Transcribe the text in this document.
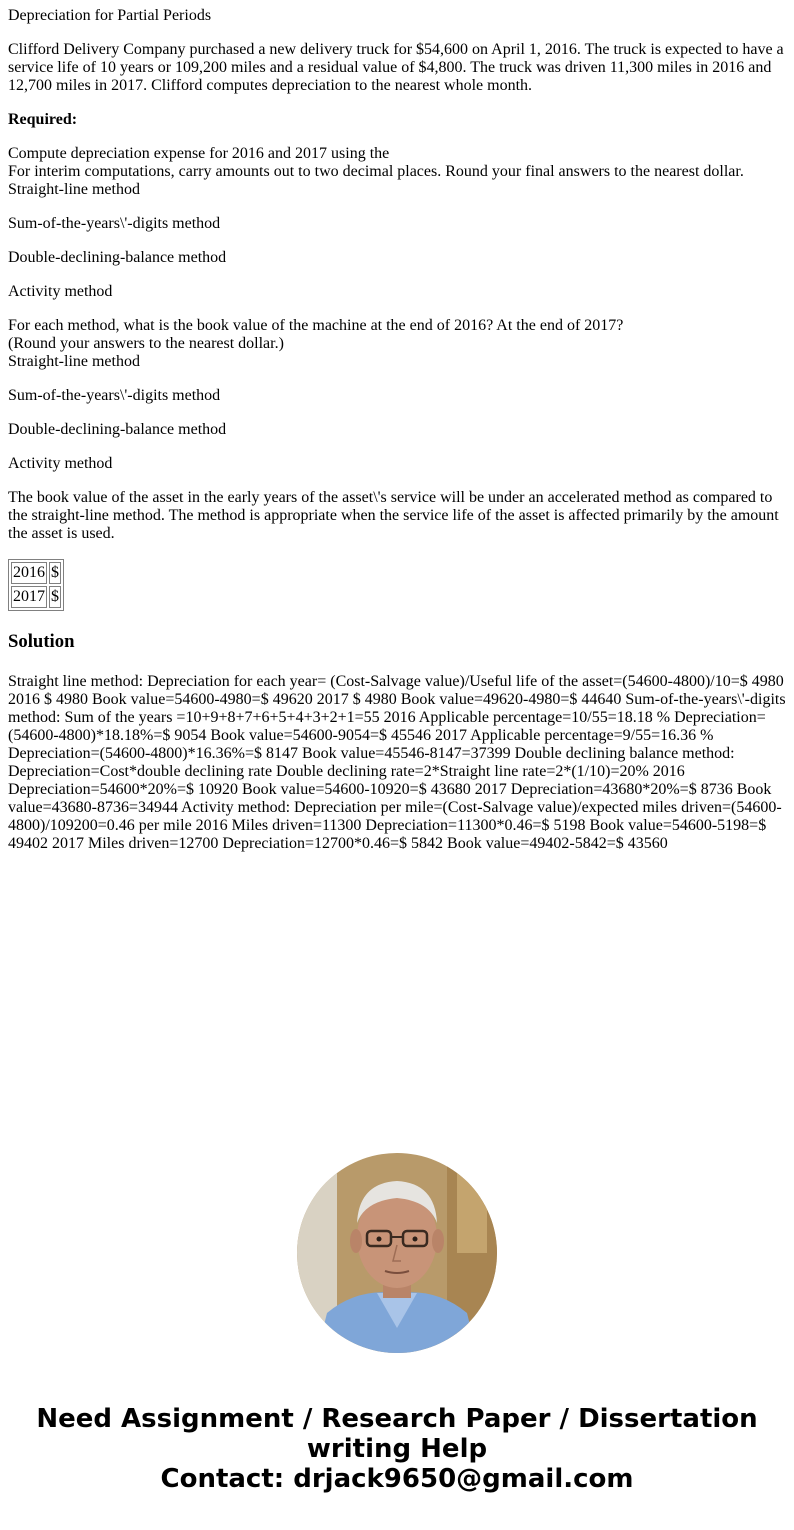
Depreciation for Partial Periods

Clifford Delivery Company purchased a new delivery truck for $54,600 on April 1, 2016. The truck is expected to have a service life of 10 years or 109,200 miles and a residual value of $4,800. The truck was driven 11,300 miles in 2016 and 12,700 miles in 2017. Clifford computes depreciation to the nearest whole month.

Required:

Compute depreciation expense for 2016 and 2017 using the
For interim computations, carry amounts out to two decimal places. Round your final answers to the nearest dollar.
Straight-line method

Sum-of-the-years\'-digits method

Double-declining-balance method

Activity method

For each method, what is the book value of the machine at the end of 2016? At the end of 2017?
(Round your answers to the nearest dollar.)
Straight-line method

Sum-of-the-years\'-digits method

Double-declining-balance method

Activity method

The book value of the asset in the early years of the asset\'s service will be under an accelerated method as compared to the straight-line method. The method is appropriate when the service life of the asset is affected primarily by the amount the asset is used.

2016	$
2017	$
Solution

Straight line method: Depreciation for each year= (Cost-Salvage value)/Useful life of the asset=(54600-4800)/10=$ 4980 2016 $ 4980 Book value=54600-4980=$ 49620 2017 $ 4980 Book value=49620-4980=$ 44640 Sum-of-the-years\'-digits method: Sum of the years =10+9+8+7+6+5+4+3+2+1=55 2016 Applicable percentage=10/55=18.18 % Depreciation=(54600-4800)*18.18%=$ 9054 Book value=54600-9054=$ 45546 2017 Applicable percentage=9/55=16.36 % Depreciation=(54600-4800)*16.36%=$ 8147 Book value=45546-8147=37399 Double declining balance method: Depreciation=Cost*double declining rate Double declining rate=2*Straight line rate=2*(1/10)=20% 2016 Depreciation=54600*20%=$ 10920 Book value=54600-10920=$ 43680 2017 Depreciation=43680*20%=$ 8736 Book value=43680-8736=34944 Activity method: Depreciation per mile=(Cost-Salvage value)/expected miles driven=(54600-4800)/109200=0.46 per mile 2016 Miles driven=11300 Depreciation=11300*0.46=$ 5198 Book value=54600-5198=$ 49402 2017 Miles driven=12700 Depreciation=12700*0.46=$ 5842 Book value=49402-5842=$ 43560

Need Assignment / Research Paper / Dissertation writing Help
Contact: drjack9650@gmail.com
